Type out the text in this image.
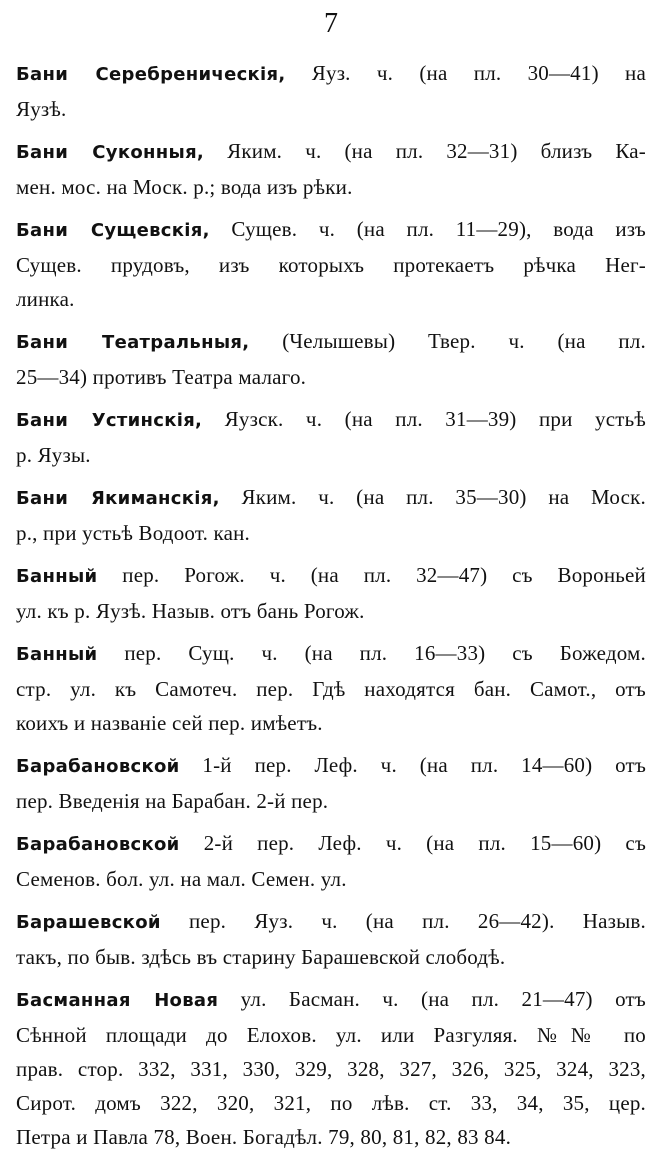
7
Бани Серебреническія, Яуз. ч. (на пл. 30—41) на
Яузѣ.
Бани Суконныя, Яким. ч. (на пл. 32—31) близъ Ка-
мен. мос. на Моск. р.; вода изъ рѣки.
Бани Сущевскія, Сущев. ч. (на пл. 11—29), вода изъ
Сущев. прудовъ, изъ которыхъ протекаетъ рѣчка Нег-
линка.
Бани Театральныя, (Челышевы) Твер. ч. (на пл.
25—34) противъ Театра малаго.
Бани Устинскія, Яузск. ч. (на пл. 31—39) при устьѣ
р. Яузы.
Бани Якиманскія, Яким. ч. (на пл. 35—30) на Моск.
р., при устьѣ Водоот. кан.
Банный пер. Рогож. ч. (на пл. 32—47) съ Вороньей
ул. къ р. Яузѣ. Назыв. отъ бань Рогож.
Банный пер. Сущ. ч. (на пл. 16—33) съ Божедом.
стр. ул. къ Самотеч. пер. Гдѣ находятся бан. Самот., отъ
коихъ и названіе сей пер. имѣетъ.
Барабановской 1-й пер. Леф. ч. (на пл. 14—60) отъ
пер. Введенія на Барабан. 2-й пер.
Барабановской 2-й пер. Леф. ч. (на пл. 15—60) съ
Семенов. бол. ул. на мал. Семен. ул.
Барашевской пер. Яуз. ч. (на пл. 26—42). Назыв.
такъ, по быв. здѣсь въ старину Барашевской слободѣ.
Басманная Новая ул. Басман. ч. (на пл. 21—47) отъ
Сѣнной площади до Елохов. ул. или Разгуляя. №№ по
прав. стор. 332, 331, 330, 329, 328, 327, 326, 325, 324, 323,
Сирот. домъ 322, 320, 321, по лѣв. ст. 33, 34, 35, цер.
Петра и Павла 78, Воен. Богадѣл. 79, 80, 81, 82, 83 84.
